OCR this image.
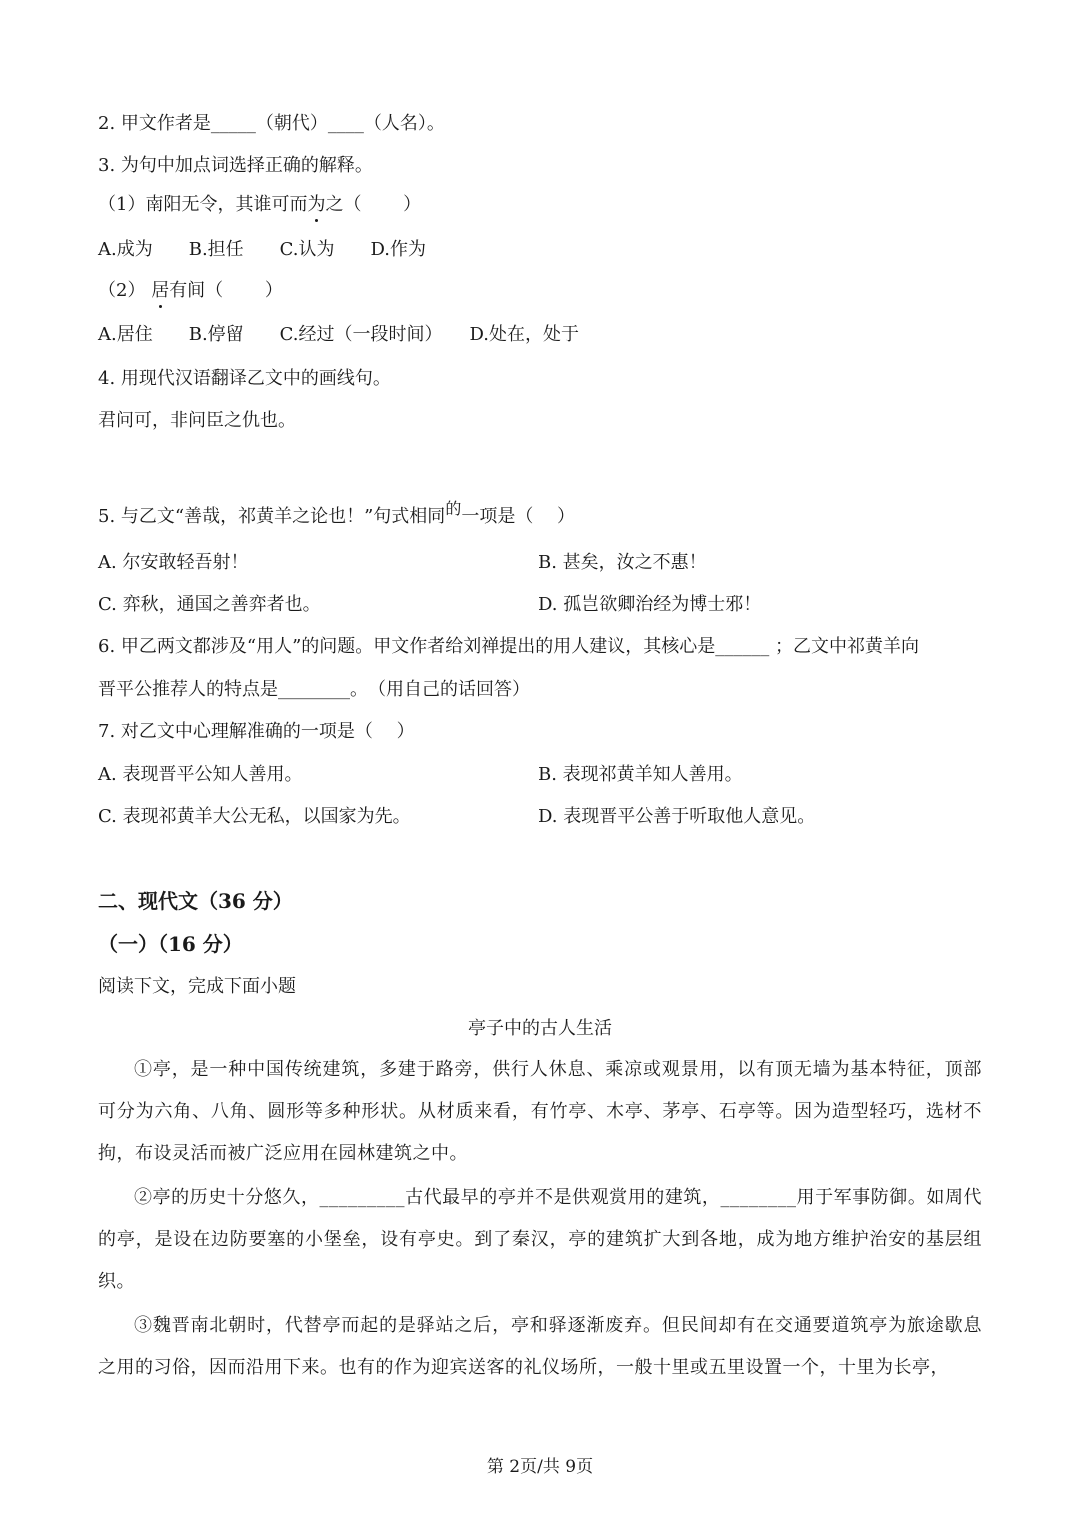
2. 甲文作者是_____（朝代）____（人名）。
3. 为句中加点词选择正确的解释。
（1）南阳无令，其谁可而为之（　　 ）
A.成为　　B.担任　　C.认为　　D.作为
（2） 居有间（　　 ）
A.居住　　B.停留　　C.经过（一段时间）　　D.处在，处于
4. 用现代汉语翻译乙文中的画线句。
君问可，非问臣之仇也。
5. 与乙文“善哉，祁黄羊之论也！”句式相同的一项是（　 ）
A. 尔安敢轻吾射！	B. 甚矣，汝之不惠！
C. 弈秋，通国之善弈者也。	D. 孤岂欲卿治经为博士邪！
6. 甲乙两文都涉及“用人”的问题。甲文作者给刘禅提出的用人建议，其核心是______ ；乙文中祁黄羊向
晋平公推荐人的特点是________。　（用自己的话回答）
7. 对乙文中心理解准确的一项是（　 ）
A. 表现晋平公知人善用。	B. 表现祁黄羊知人善用。
C. 表现祁黄羊大公无私，以国家为先。	D. 表现晋平公善于听取他人意见。
二、现代文（36 分）
（一）（16 分）
阅读下文，完成下面小题
亭子中的古人生活
①亭，是一种中国传统建筑，多建于路旁，供行人休息、乘凉或观景用，以有顶无墙为基本特征，顶部可分为六角、八角、圆形等多种形状。从材质来看，有竹亭、木亭、茅亭、石亭等。因为造型轻巧，选材不拘，布设灵活而被广泛应用在园林建筑之中。
②亭的历史十分悠久，_________古代最早的亭并不是供观赏用的建筑，________用于军事防御。如周代的亭，是设在边防要塞的小堡垒，设有亭史。到了秦汉，亭的建筑扩大到各地，成为地方维护治安的基层组织。
③魏晋南北朝时，代替亭而起的是驿站之后，亭和驿逐渐废弃。但民间却有在交通要道筑亭为旅途歇息之用的习俗，因而沿用下来。也有的作为迎宾送客的礼仪场所，一般十里或五里设置一个，十里为长亭，
第 2页/共 9页
